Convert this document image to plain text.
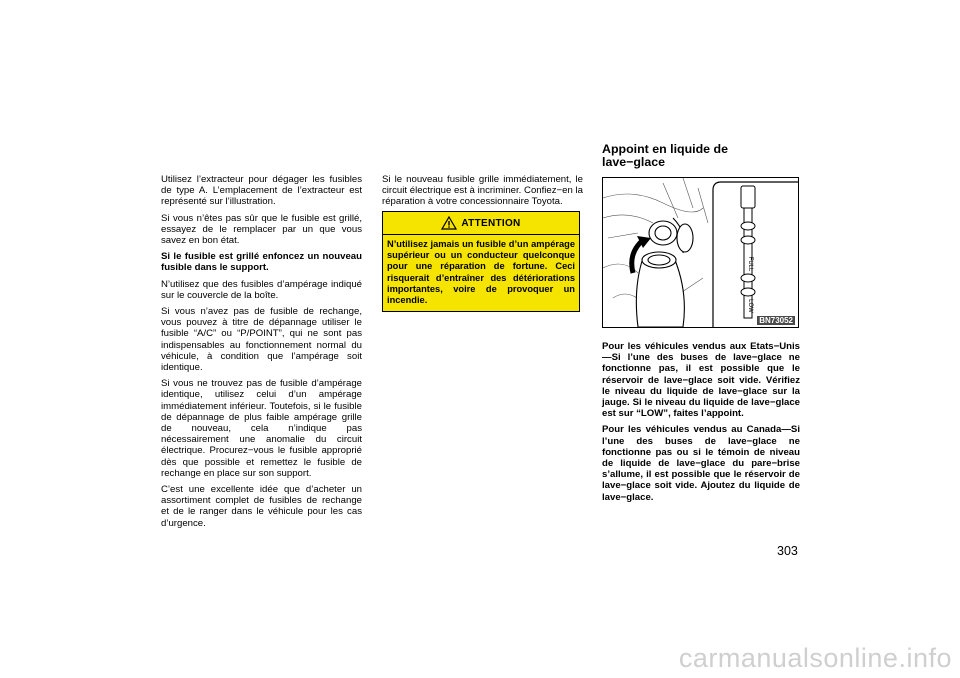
Utilisez l’extracteur pour dégager les fusibles de type A. L’emplacement de l’extracteur est représenté sur l’illustration.

Si vous n’êtes pas sûr que le fusible est grillé, essayez de le remplacer par un que vous savez en bon état.

Si le fusible est grillé enfoncez un nouveau fusible dans le support.

N’utilisez que des fusibles d’ampérage indiqué sur le couvercle de la boîte.

Si vous n’avez pas de fusible de rechange, vous pouvez à titre de dépannage utiliser le fusible “A/C” ou “P/POINT”, qui ne sont pas indispensables au fonctionnement normal du véhicule, à condition que l’ampérage soit identique.

Si vous ne trouvez pas de fusible d’ampérage identique, utilisez celui d’un ampérage immédiatement inférieur. Toutefois, si le fusible de dépannage de plus faible ampérage grille de nouveau, cela n’indique pas nécessairement une anomalie du circuit électrique. Procurez−vous le fusible approprié dès que possible et remettez le fusible de rechange en place sur son support.

C’est une excellente idée que d’acheter un assortiment complet de fusibles de rechange et de le ranger dans le véhicule pour les cas d’urgence.

Si le nouveau fusible grille immédiatement, le circuit électrique est à incriminer. Confiez−en la réparation à votre concessionnaire Toyota.

ATTENTION
N’utilisez jamais un fusible d’un ampérage supérieur ou un conducteur quelconque pour une réparation de fortune. Ceci risquerait d’entraîner des détériorations importantes, voire de provoquer un incendie.
Appoint en liquide de
lave−glace
FULL
LOW
BN73052

Pour les véhicules vendus aux Etats−Unis—Si l’une des buses de lave−glace ne fonctionne pas, il est possible que le réservoir de lave−glace soit vide. Vérifiez le niveau du liquide de lave−glace sur la jauge. Si le niveau du liquide de lave−glace est sur “LOW”, faites l’appoint.

Pour les véhicules vendus au Canada—Si l’une des buses de lave−glace ne fonctionne pas ou si le témoin de niveau de liquide de lave−glace du pare−brise s’allume, il est possible que le réservoir de lave−glace soit vide. Ajoutez du liquide de lave−glace.

303
carmanualsonline.info
